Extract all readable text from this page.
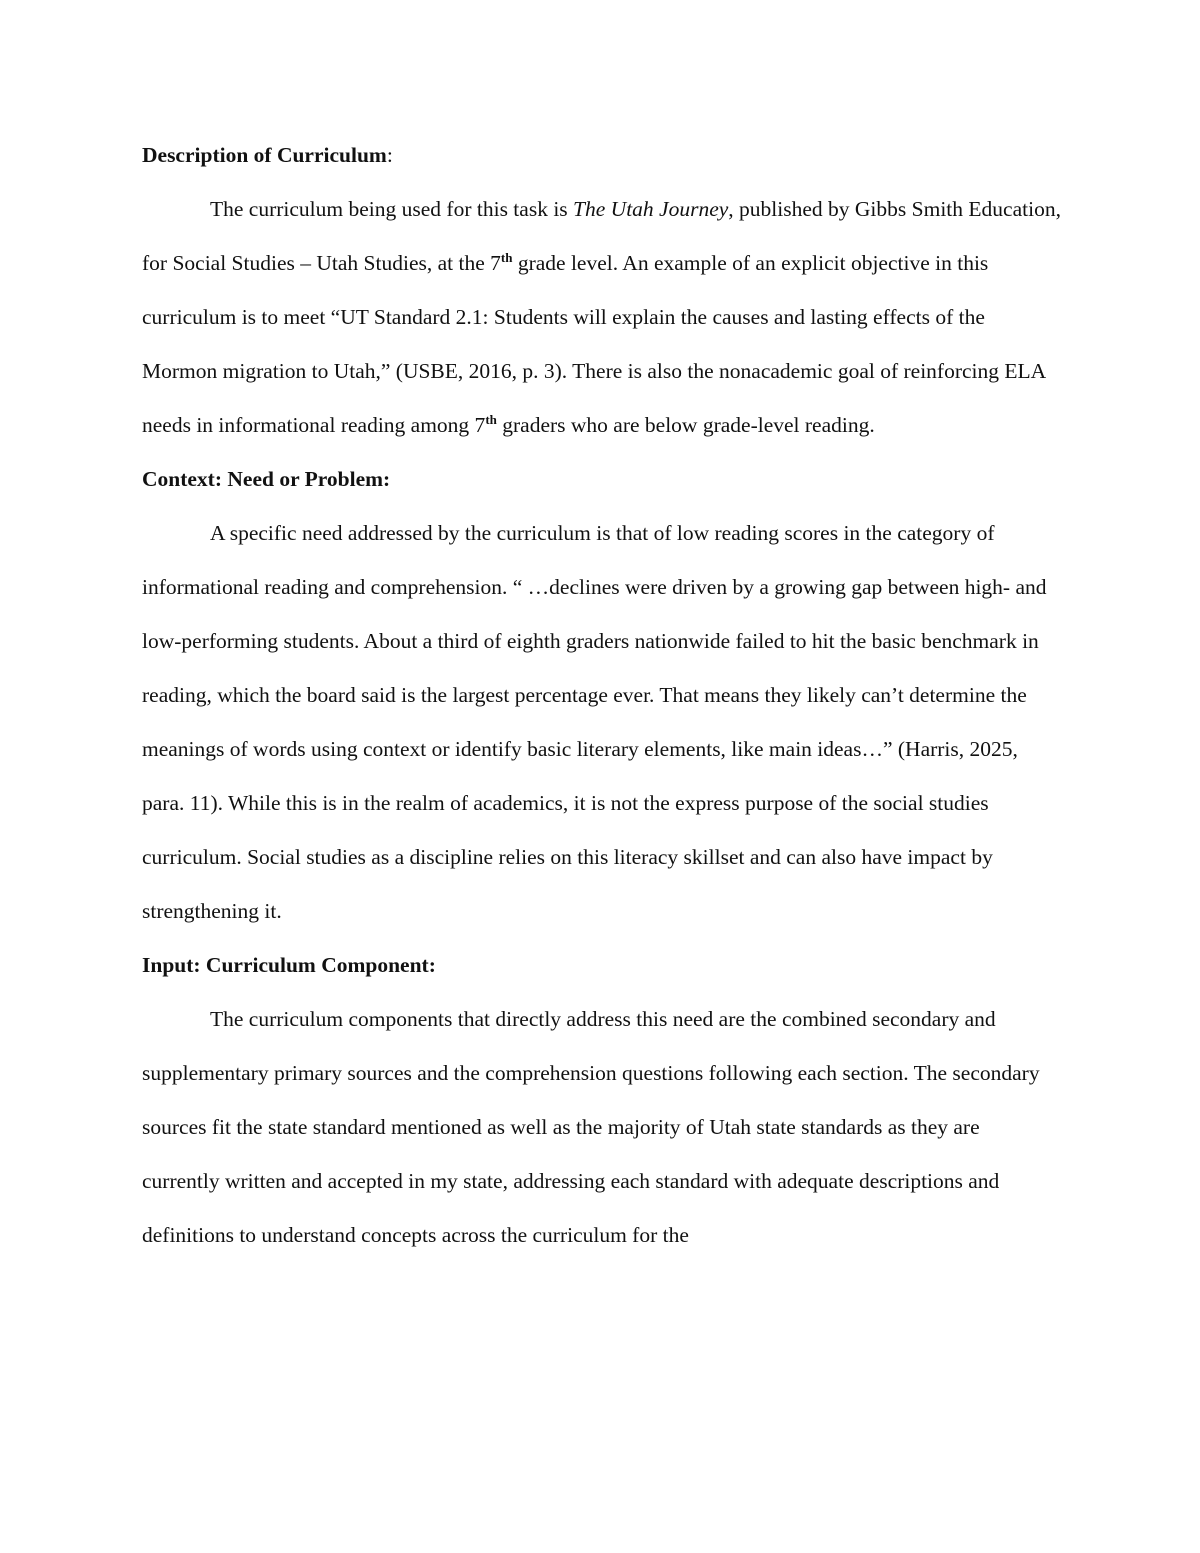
Description of Curriculum:

The curriculum being used for this task is The Utah Journey, published by Gibbs Smith Education, for Social Studies – Utah Studies, at the 7th grade level. An example of an explicit objective in this curriculum is to meet “UT Standard 2.1: Students will explain the causes and lasting effects of the Mormon migration to Utah,” (USBE, 2016, p. 3). There is also the nonacademic goal of reinforcing ELA needs in informational reading among 7th graders who are below grade-level reading.

Context: Need or Problem:

A specific need addressed by the curriculum is that of low reading scores in the category of informational reading and comprehension. “ …declines were driven by a growing gap between high- and low-performing students. About a third of eighth graders nationwide failed to hit the basic benchmark in reading, which the board said is the largest percentage ever. That means they likely can’t determine the meanings of words using context or identify basic literary elements, like main ideas…” (Harris, 2025, para. 11). While this is in the realm of academics, it is not the express purpose of the social studies curriculum. Social studies as a discipline relies on this literacy skillset and can also have impact by strengthening it.

Input: Curriculum Component:

The curriculum components that directly address this need are the combined secondary and supplementary primary sources and the comprehension questions following each section. The secondary sources fit the state standard mentioned as well as the majority of Utah state standards as they are currently written and accepted in my state, addressing each standard with adequate descriptions and definitions to understand concepts across the curriculum for the
